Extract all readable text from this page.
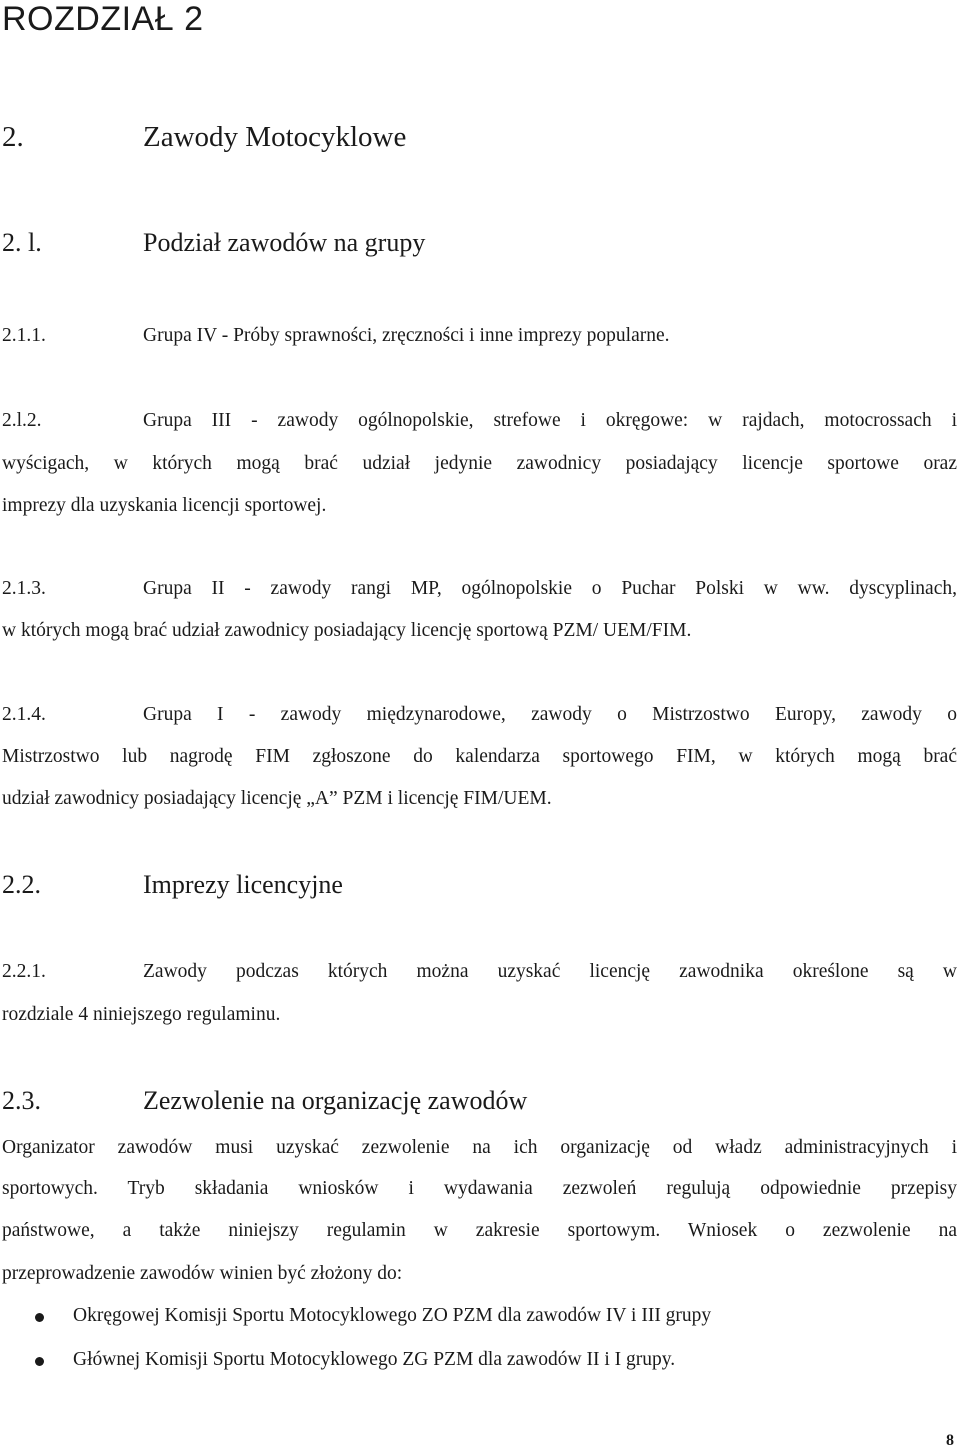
ROZDZIAŁ 2
2.	Zawody Motocyklowe
2. l.	Podział zawodów na grupy
2.1.1.	Grupa IV - Próby sprawności, zręczności i inne imprezy popularne.
2.l.2.	Grupa III - zawody ogólnopolskie, strefowe i okręgowe: w rajdach, motocrossach i
wyścigach, w których mogą brać udział jedynie zawodnicy posiadający licencje sportowe oraz
imprezy dla uzyskania licencji sportowej.
2.1.3.	Grupa II - zawody rangi MP, ogólnopolskie o Puchar Polski w ww. dyscyplinach,
w których mogą brać udział zawodnicy posiadający licencję sportową PZM/ UEM/FIM.
2.1.4.	Grupa I - zawody międzynarodowe, zawody o Mistrzostwo Europy, zawody o
Mistrzostwo lub nagrodę FIM zgłoszone do kalendarza sportowego FIM, w których mogą brać
udział zawodnicy posiadający licencję „A” PZM i licencję FIM/UEM.
2.2.	Imprezy licencyjne
2.2.1.	Zawody podczas których można uzyskać licencję zawodnika określone są w
rozdziale 4 niniejszego regulaminu.
2.3.	Zezwolenie na organizację zawodów
Organizator zawodów musi uzyskać zezwolenie na ich organizację od władz administracyjnych i
sportowych. Tryb składania wniosków i wydawania zezwoleń regulują odpowiednie przepisy
państwowe, a także niniejszy regulamin w zakresie sportowym. Wniosek o zezwolenie na
przeprowadzenie zawodów winien być złożony do:
Okręgowej Komisji Sportu Motocyklowego ZO PZM dla zawodów IV i III grupy
Głównej Komisji Sportu Motocyklowego ZG PZM dla zawodów II i I grupy.
8
